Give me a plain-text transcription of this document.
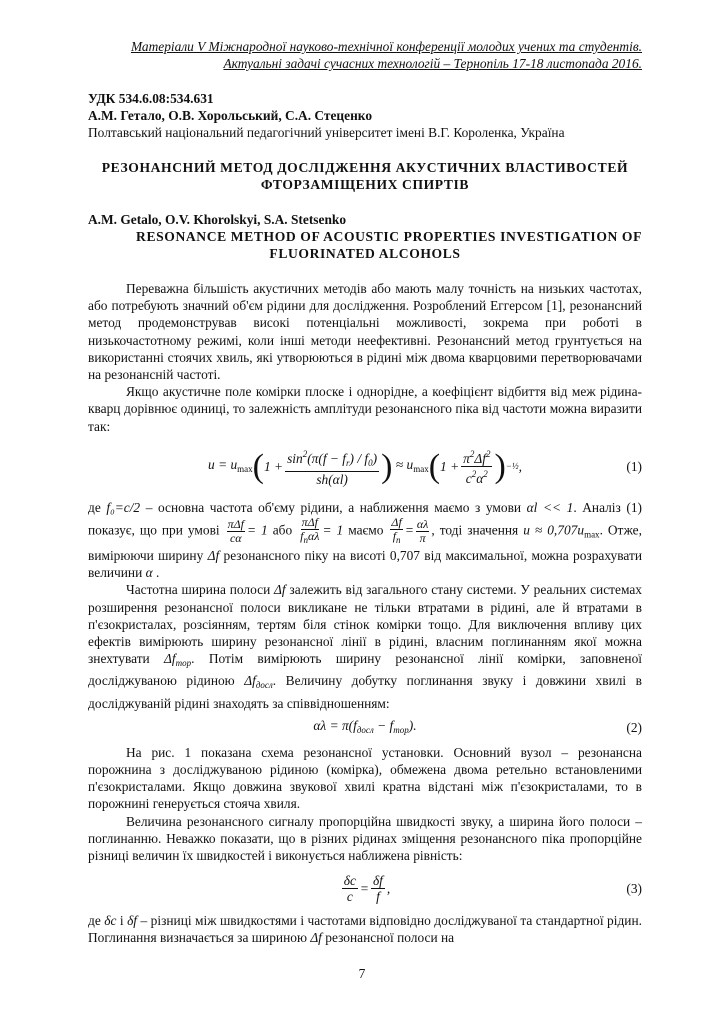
Матеріали V Міжнародної науково-технічної конференції молодих учених та студентів.
Актуальні задачі сучасних технологій – Тернопіль 17-18 листопада 2016.
УДК 534.6.08:534.631
А.М. Гетало, О.В. Хорольський, С.А. Стеценко
Полтавський національний педагогічний університет імені В.Г. Короленка, Україна
РЕЗОНАНСНИЙ МЕТОД ДОСЛІДЖЕННЯ АКУСТИЧНИХ ВЛАСТИВОСТЕЙ ФТОРЗАМІЩЕНИХ СПИРТІВ
A.M. Getalo, O.V. Khorolskyi, S.A. Stetsenko
RESONANCE METHOD OF ACOUSTIC PROPERTIES INVESTIGATION OF
FLUORINATED ALCOHOLS

Переважна більшість акустичних методів або мають малу точність на низьких частотах, або потребують значний об'єм рідини для дослідження. Розроблений Еггерсом [1], резонансний метод продемонстрував високі потенціальні можливості, зокрема при роботі в низькочастотному режимі, коли інші методи неефективні. Резонансний метод грунтується на використанні стоячих хвиль, які утворюються в рідині між двома кварцовими перетворювачами на резонансній частоті.

Якщо акустичне поле комірки плоске і однорідне, а коефіцієнт відбиття від меж рідина-кварц дорівнює одиниці, то залежність амплітуди резонансного піка від частоти можна виразити так:

$u = u_{max}$ ( $1 + \frac{\sin^2(\pi(f - f_r) / f_0)}{sh(\alpha l)}$ ) ≈ $u_{max}$ ( $1 + \frac{\pi^2\Delta f^2}{c^2\alpha^2}$ ) −½ ,	(1)

де f₀=c/2 – основна частота об'єму рідини, а наближення маємо з умови αl << 1. Аналіз (1) показує, що при умові $\frac{\text{πΔf}}{c\alpha} = 1$ або $\frac{\text{πΔf}}{f_n\alpha\lambda} = 1$ маємо $\frac{\Delta f}{f_n} = \frac{\alpha\lambda}{\pi}$ , тоді значення $u \approx 0,707u_{max}$. Отже, вимірюючи ширину Δf резонансного піку на висоті 0,707 від максимальної, можна розрахувати величини α .

Частотна ширина полоси Δf залежить від загального стану системи. У реальних системах розширення резонансної полоси викликане не тільки втратами в рідині, але й втратами в п'єзокристалах, розсіянням, тертям біля стінок комірки тощо. Для виключення впливу цих ефектів вимірюють ширину резонансної лінії в рідині, власним поглинанням якої можна знехтувати $\Delta f_{тор}$. Потім вимірюють ширину резонансної лінії комірки, заповненої досліджуваною рідиною $\Delta f_{досл}$. Величину добутку поглинання звуку і довжини хвилі в досліджуваній рідині знаходять за співвідношенням:

$\alpha\lambda = \pi(f_{досл} - f_{тор})$.	(2)

На рис. 1 показана схема резонансної установки. Основний вузол – резонансна порожнина з досліджуваною рідиною (комірка), обмежена двома ретельно встановленими п'єзокристалами. Якщо довжина звукової хвилі кратна відстані між п'єзокристалами, то в порожнині генерується стояча хвиля.

Величина резонансного сигналу пропорційна швидкості звуку, а ширина його полоси – поглинанню. Неважко показати, що в різних рідинах зміщення резонансного піка пропорційне різниці величин їх швидкостей і виконується наближена рівність:

$\frac{\delta c}{c} = \frac{\delta f}{f}$ ,	(3)

де δc і δf – різниці між швидкостями і частотами відповідно досліджуваної та стандартної рідин. Поглинання визначається за шириною Δf резонансної полоси на

7
